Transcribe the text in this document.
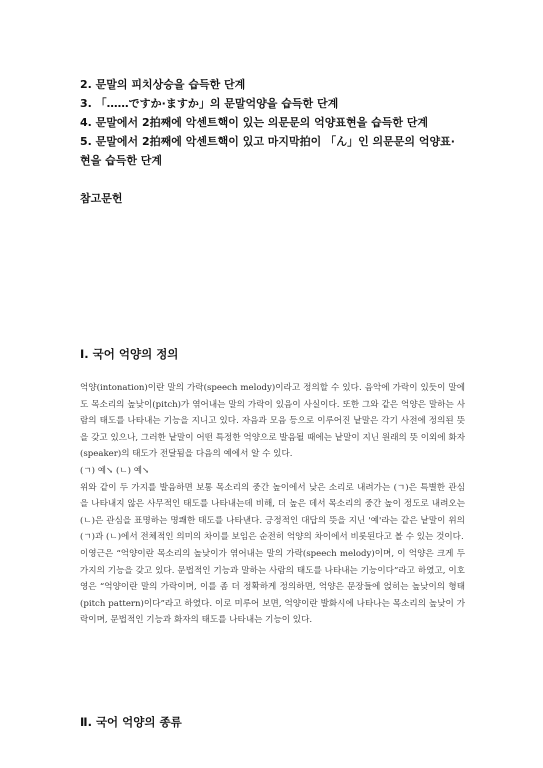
2. 문말의 피치상승을 습득한 단계

3. 「……ですか·ますか」의 문말억양을 습득한 단계

4. 문말에서 2拍째에 악센트핵이 있는 의문문의 억양표현을 습득한 단계

5. 문말에서 2拍째에 악센트핵이 있고 마지막拍이 「ん」인 의문문의 억양표·

현을 습득한 단계

참고문헌
Ⅰ. 국어 억양의 정의

억양(intonation)이란 말의 가락(speech melody)이라고 정의할 수 있다. 음악에 가락이 있듯이 말에도 목소리의 높낮이(pitch)가 엮어내는 말의 가락이 있음이 사실이다. 또한 그와 같은 억양은 말하는 사람의 태도를 나타내는 기능을 지니고 있다. 자음과 모음 등으로 이루어진 낱말은 각기 사전에 정의된 뜻을 갖고 있으나, 그러한 낱말이 어떤 특정한 억양으로 발음될 때에는 낱말이 지닌 원래의 뜻 이외에 화자(speaker)의 태도가 전달됨을 다음의 예에서 알 수 있다.

(ㄱ) 예↘ (ㄴ) 예↘

위와 같이 두 가지를 발음하면 보통 목소리의 중간 높이에서 낮은 소리로 내려가는 (ㄱ)은 특별한 관심을 나타내지 않은 사무적인 태도를 나타내는데 비해, 더 높은 데서 목소리의 중간 높이 정도로 내려오는 (ㄴ)은 관심을 표명하는 명쾌한 태도를 나타낸다. 긍정적인 대답의 뜻을 지닌 '예'라는 같은 낱말이 위의 (ㄱ)과 (ㄴ)에서 전체적인 의미의 차이를 보임은 순전히 억양의 차이에서 비롯된다고 볼 수 있는 것이다.

이영근은 “억양이란 목소리의 높낮이가 엮어내는 말의 가락(speech melody)이며, 이 억양은 크게 두 가지의 기능을 갖고 있다. 문법적인 기능과 말하는 사람의 태도를 나타내는 기능이다”라고 하였고, 이호영은 “억양이란 말의 가락이며, 이를 좀 더 정확하게 정의하면, 억양은 문장들에 얹히는 높낮이의 형태(pitch pattern)이다”라고 하였다. 이로 미루어 보면, 억양이란 발화시에 나타나는 목소리의 높낮이 가락이며, 문법적인 기능과 화자의 태도를 나타내는 기능이 있다.

Ⅱ. 국어 억양의 종류
